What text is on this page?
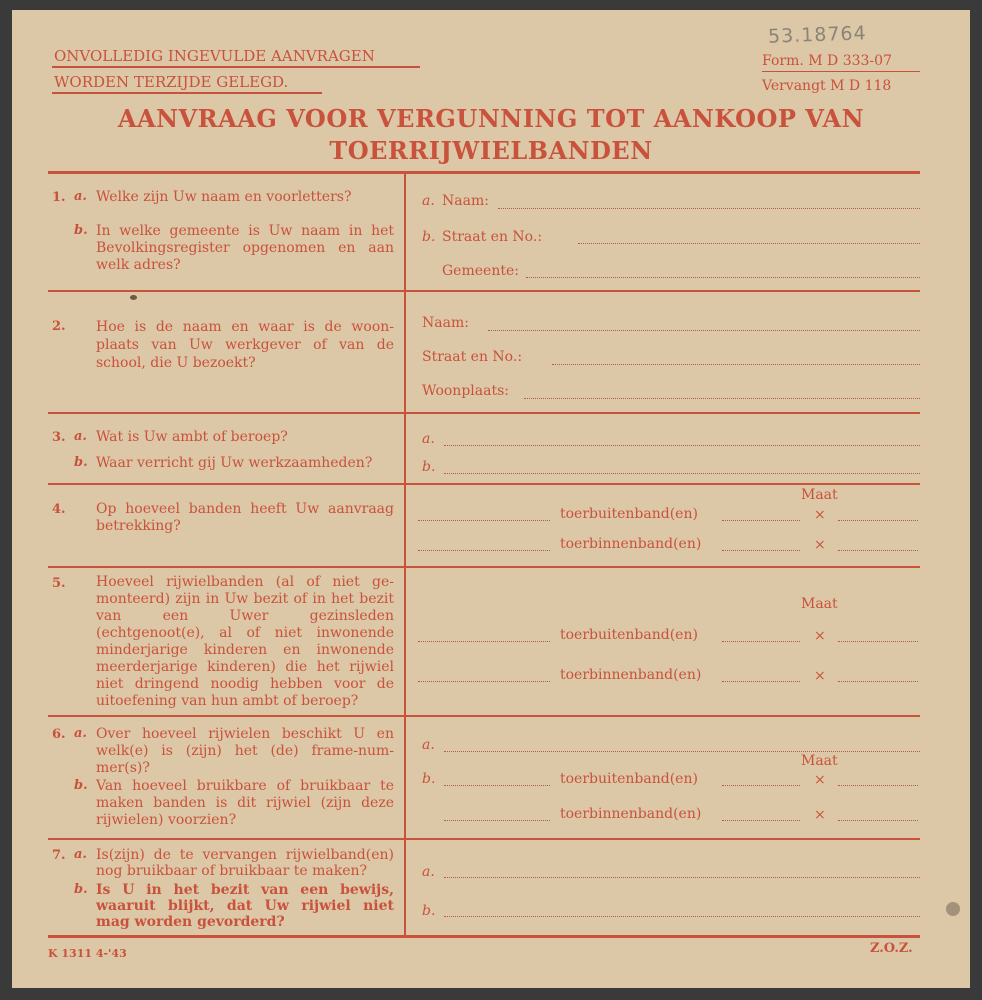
ONVOLLEDIG INGEVULDE AANVRAGEN
WORDEN TERZIJDE GELEGD.
53.18764
Form. M D 333-07
Vervangt M D 118
AANVRAAG VOOR VERGUNNING TOT AANKOOP VAN
TOERRIJWIELBANDEN
1. a. Welke zijn Uw naam en voorletters?
b. In welke gemeente is Uw naam in het Bevolkingsregister opgenomen en aan welk adres?
a. Naam:
b. Straat en No.:
Gemeente:
2. Hoe is de naam en waar is de woon-plaats van Uw werkgever of van de school, die U bezoekt?
Naam:
Straat en No.:
Woonplaats:
3. a. Wat is Uw ambt of beroep?
b. Waar verricht gij Uw werkzaamheden?
a.
b.
4. Op hoeveel banden heeft Uw aanvraag betrekking?
Maat
toerbuitenband(en)	×
toerbinnenband(en)	×
5. Hoeveel rijwielbanden (al of niet ge-monteerd) zijn in Uw bezit of in het bezit van een Uwer gezinsleden (echtgenoot(e), al of niet inwonende minderjarige kinderen en inwonende meerderjarige kinderen) die het rijwiel niet dringend noodig hebben voor de uitoefening van hun ambt of beroep?
Maat
toerbuitenband(en)	×
toerbinnenband(en)	×
6. a. Over hoeveel rijwielen beschikt U en welk(e) is (zijn) het (de) frame-num-mer(s)?
b. Van hoeveel bruikbare of bruikbaar te maken banden is dit rijwiel (zijn deze rijwielen) voorzien?
a.
Maat
b.	toerbuitenband(en)	×
toerbinnenband(en)	×
7. a. Is(zijn) de te vervangen rijwielband(en) nog bruikbaar of bruikbaar te maken?
b. Is U in het bezit van een bewijs, waaruit blijkt, dat Uw rijwiel niet mag worden gevorderd?
a.
b.
K 1311 4-'43	Z.O.Z.
